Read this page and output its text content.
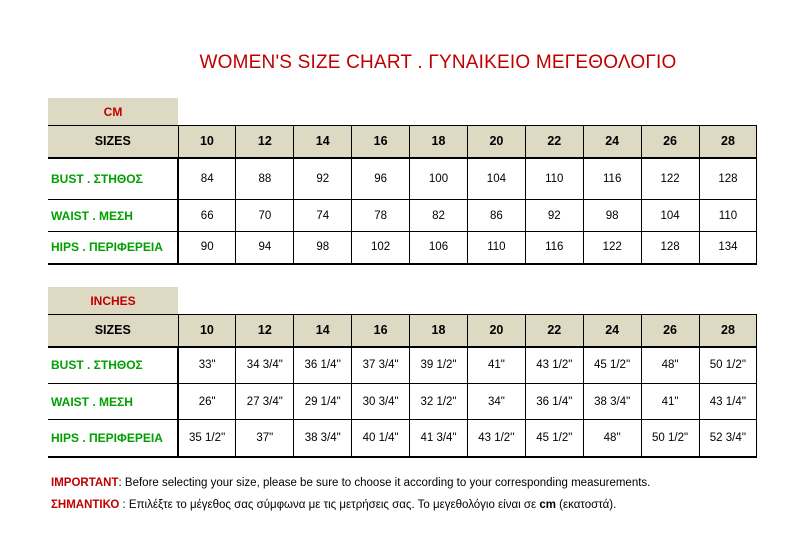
WOMEN'S SIZE CHART . ΓΥΝΑΙΚΕΙΟ ΜΕΓΕΘΟΛΟΓΙΟ
CM
SIZES	10	12	14	16	18	20	22	24	26	28
BUST . ΣΤΗΘΟΣ	84	88	92	96	100	104	110	116	122	128
WAIST . ΜΕΣΗ	66	70	74	78	82	86	92	98	104	110
HIPS . ΠΕΡΙΦΕΡΕΙΑ	90	94	98	102	106	110	116	122	128	134
INCHES
SIZES	10	12	14	16	18	20	22	24	26	28
BUST . ΣΤΗΘΟΣ	33"	34 3/4"	36 1/4''	37 3/4"	39 1/2"	41"	43 1/2"	45 1/2''	48"	50 1/2''
WAIST . ΜΕΣΗ	26"	27 3/4"	29 1/4"	30 3/4"	32 1/2"	34"	36 1/4"	38 3/4"	41"	43 1/4''
HIPS . ΠΕΡΙΦΕΡΕΙΑ	35 1/2''	37"	38 3/4"	40 1/4"	41 3/4"	43 1/2''	45 1/2"	48''	50 1/2"	52 3/4''
IMPORTANT: Before selecting your size, please be sure to choose it according to your corresponding measurements.
ΣΗΜΑΝΤΙΚΟ : Επιλέξτε το μέγεθος σας σύμφωνα με τις μετρήσεις σας. Το μεγεθολόγιο είναι σε cm (εκατοστά).
